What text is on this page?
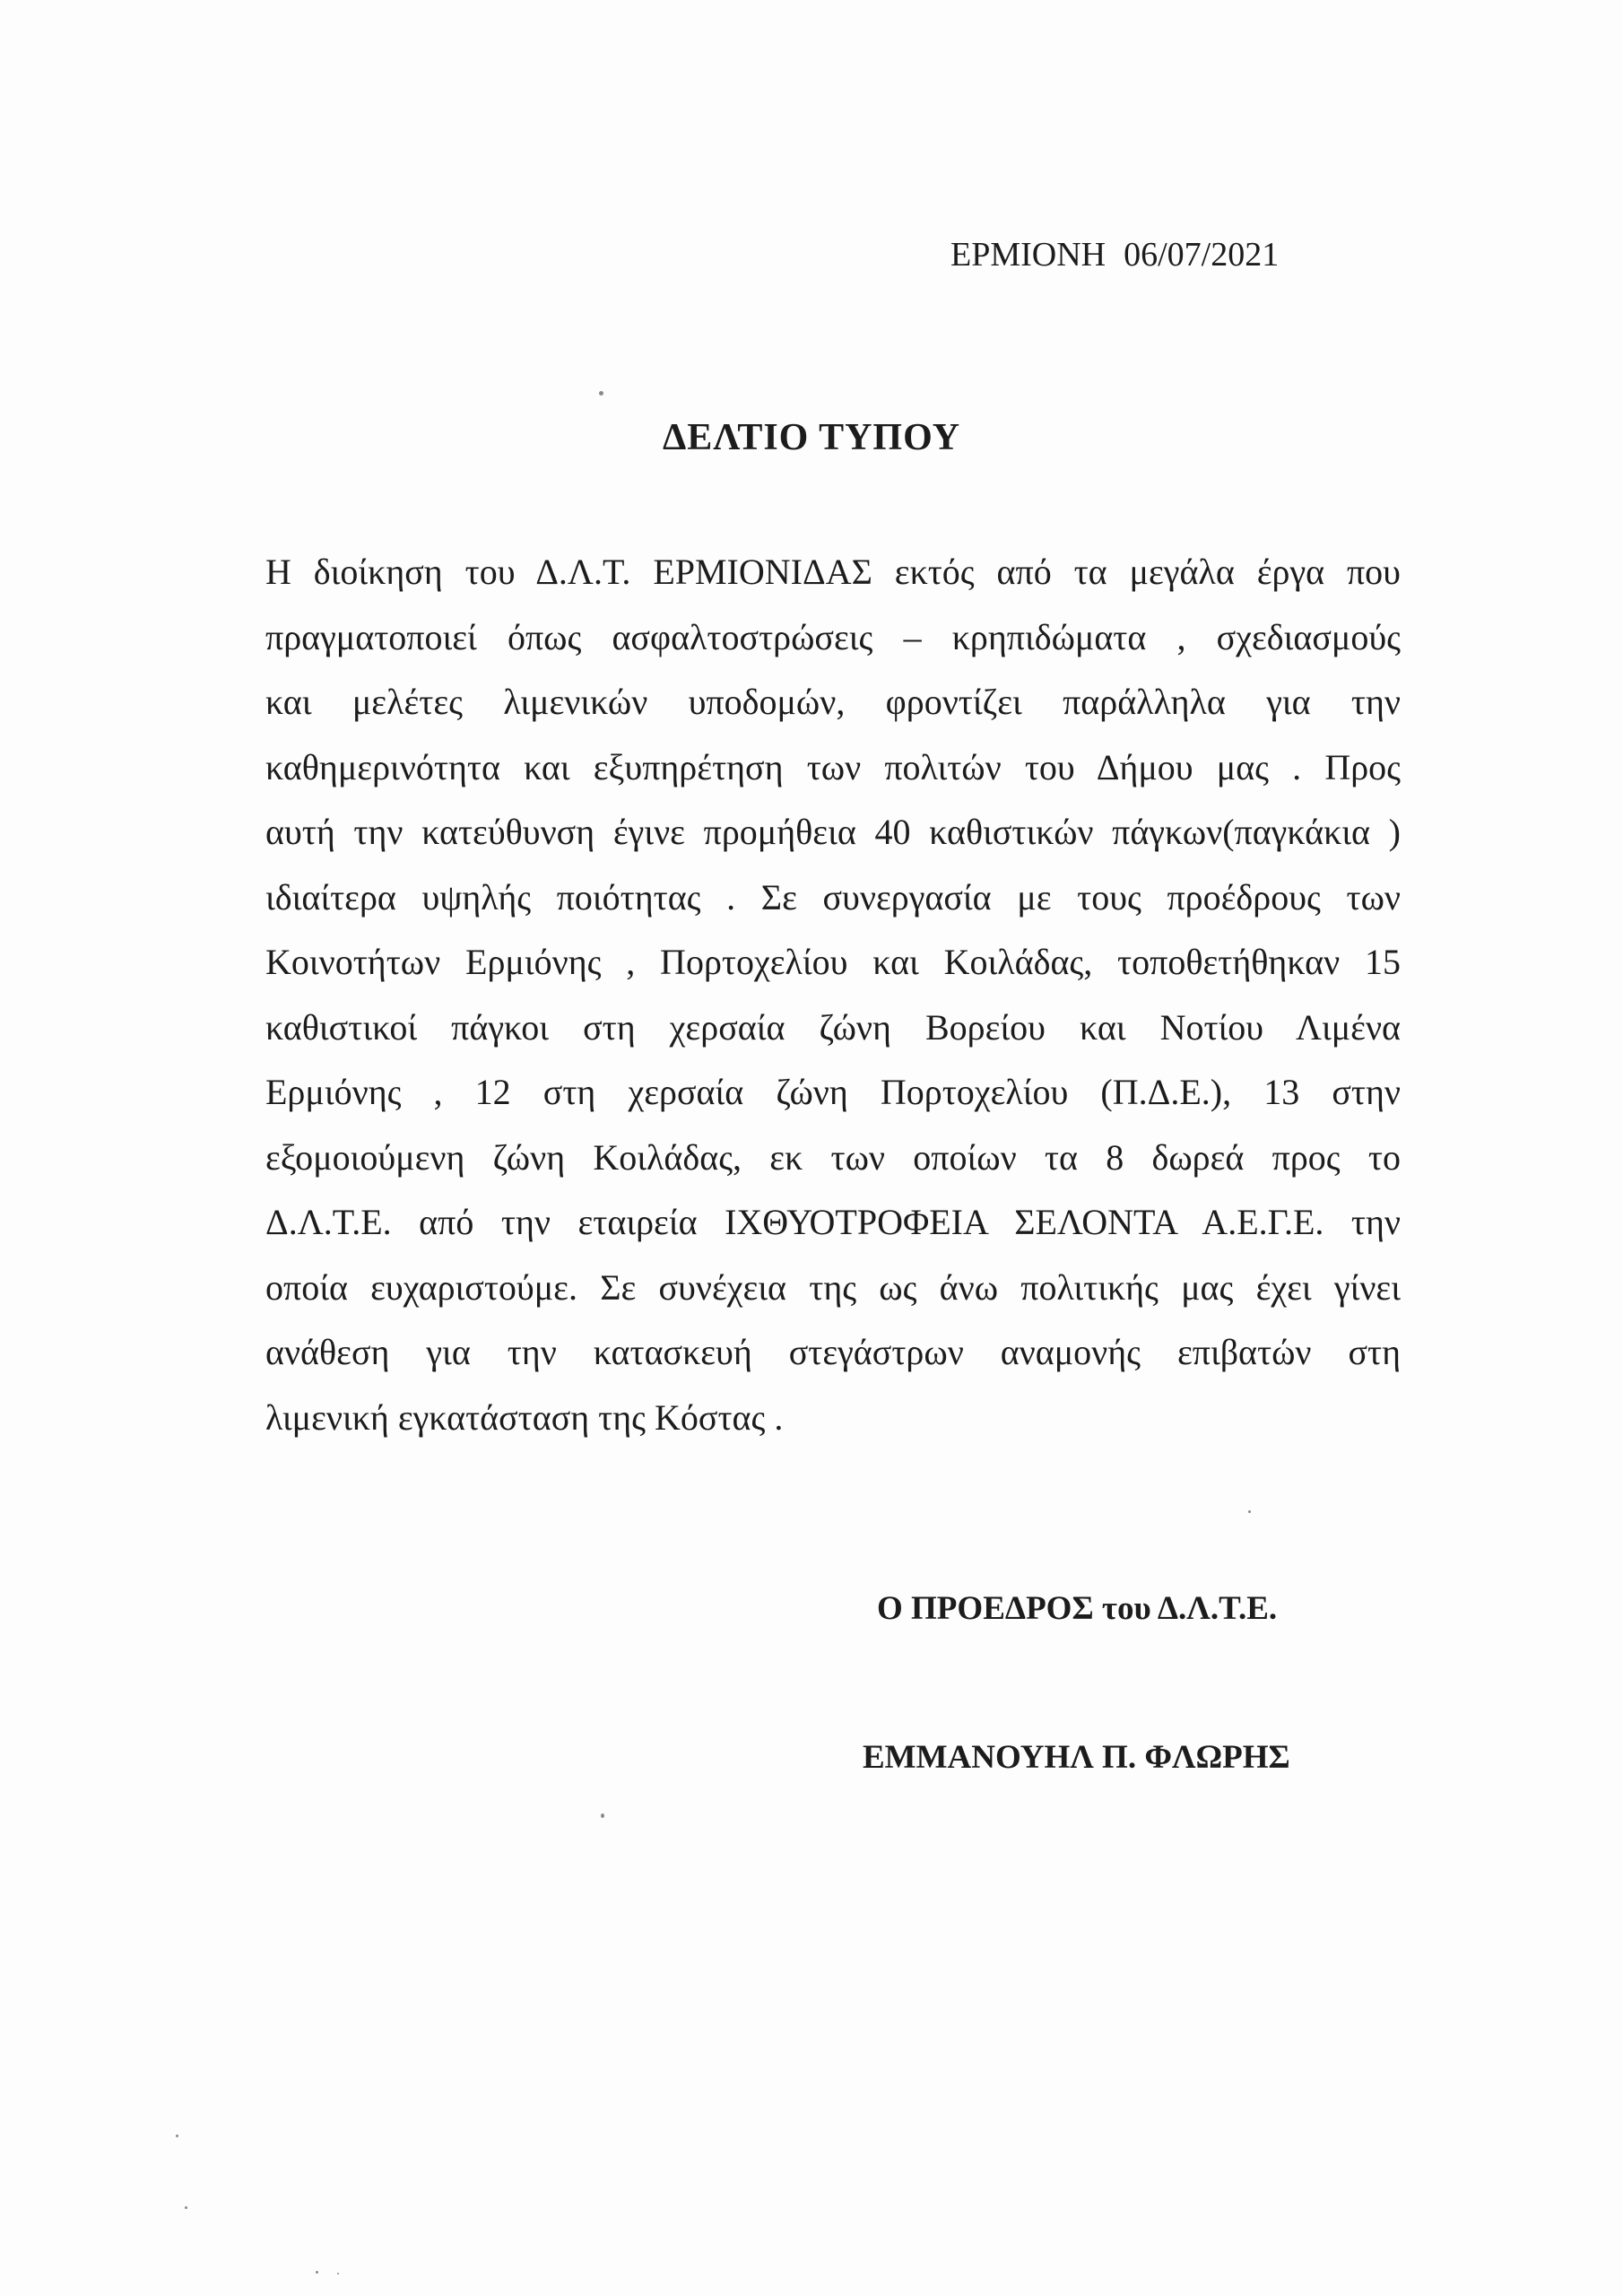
ΕΡΜΙΟΝΗ 06/07/2021
ΔΕΛΤΙΟ ΤΥΠΟΥ
Η διοίκηση του Δ.Λ.Τ. ΕΡΜΙΟΝΙΔΑΣ εκτός από τα μεγάλα έργα που
πραγματοποιεί όπως ασφαλτοστρώσεις – κρηπιδώματα , σχεδιασμούς
και μελέτες λιμενικών υποδομών, φροντίζει παράλληλα για την
καθημερινότητα και εξυπηρέτηση των πολιτών του Δήμου μας . Προς
αυτή την κατεύθυνση έγινε προμήθεια 40 καθιστικών πάγκων(παγκάκια )
ιδιαίτερα υψηλής ποιότητας . Σε συνεργασία με τους προέδρους των
Κοινοτήτων Ερμιόνης , Πορτοχελίου και Κοιλάδας, τοποθετήθηκαν 15
καθιστικοί πάγκοι στη χερσαία ζώνη Βορείου και Νοτίου Λιμένα
Ερμιόνης , 12 στη χερσαία ζώνη Πορτοχελίου (Π.Δ.Ε.), 13 στην
εξομοιούμενη ζώνη Κοιλάδας, εκ των οποίων τα 8 δωρεά προς το
Δ.Λ.Τ.Ε. από την εταιρεία ΙΧΘΥΟΤΡΟΦΕΙΑ ΣΕΛΟΝΤΑ Α.Ε.Γ.Ε. την
οποία ευχαριστούμε. Σε συνέχεια της ως άνω πολιτικής μας έχει γίνει
ανάθεση για την κατασκευή στεγάστρων αναμονής επιβατών στη
λιμενική εγκατάσταση της Κόστας .
Ο ΠΡΟΕΔΡΟΣ του Δ.Λ.Τ.Ε.
ΕΜΜΑΝΟΥΗΛ Π. ΦΛΩΡΗΣ
